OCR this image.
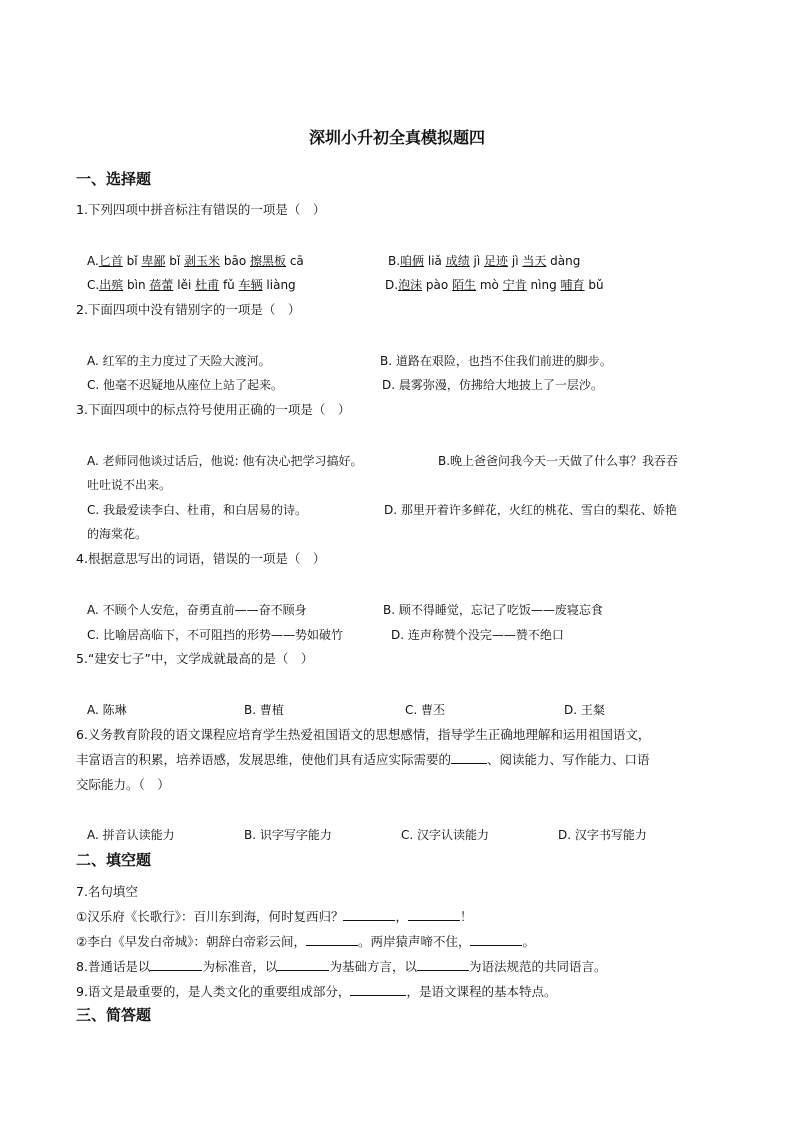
深圳小升初全真模拟题四
一、选择题
1.下列四项中拼音标注有错误的一项是（　）
A.匕首 bǐ 卑鄙 bǐ 剥玉米 bāo 擦黑板 cā	B.咱俩 liǎ 成绩 jì 足迹 jì 当天 dàng
C.出殡 bìn 蓓蕾 lěi 杜甫 fǔ 车辆 liàng	D.泡沫 pào 陌生 mò 宁肯 nìng 哺育 bǔ
2.下面四项中没有错别字的一项是（　）
A. 红军的主力度过了天险大渡河。	B. 道路在艰险，也挡不住我们前进的脚步。
C. 他毫不迟疑地从座位上站了起来。	D. 晨雾弥漫，仿拂给大地披上了一层沙。
3.下面四项中的标点符号使用正确的一项是（　）
A. 老师同他谈过话后，他说: 他有决心把学习搞好。	B.晚上爸爸问我今天一天做了什么事？我吞吞
吐吐说不出来。
C. 我最爱读李白、杜甫，和白居易的诗。	D. 那里开着许多鲜花，火红的桃花、雪白的梨花、娇艳
的海棠花。
4.根据意思写出的词语，错误的一项是（　）
A. 不顾个人安危，奋勇直前——奋不顾身	B. 顾不得睡觉，忘记了吃饭——废寝忘食
C. 比喻居高临下，不可阻挡的形势——势如破竹	D. 连声称赞个没完——赞不绝口
5.“建安七子”中，文学成就最高的是（　）
A. 陈琳	B. 曹植	C. 曹丕	D. 王粲
6.义务教育阶段的语文课程应培育学生热爱祖国语文的思想感情，指导学生正确地理解和运用祖国语文，
丰富语言的积累，培养语感，发展思维，使他们具有适应实际需要的	、阅读能力、写作能力、口语
交际能力。（　）
A. 拼音认读能力	B. 识字写字能力	C. 汉字认读能力	D. 汉字书写能力
二、填空题
7.名句填空
①汉乐府《长歌行》：百川东到海，何时复西归？	，	！
②李白《早发白帝城》：朝辞白帝彩云间，	。两岸猿声啼不住，	。
8.普通话是以	为标准音，以	为基础方言，以	为语法规范的共同语言。
9.语文是最重要的，是人类文化的重要组成部分，	，是语文课程的基本特点。
三、简答题
